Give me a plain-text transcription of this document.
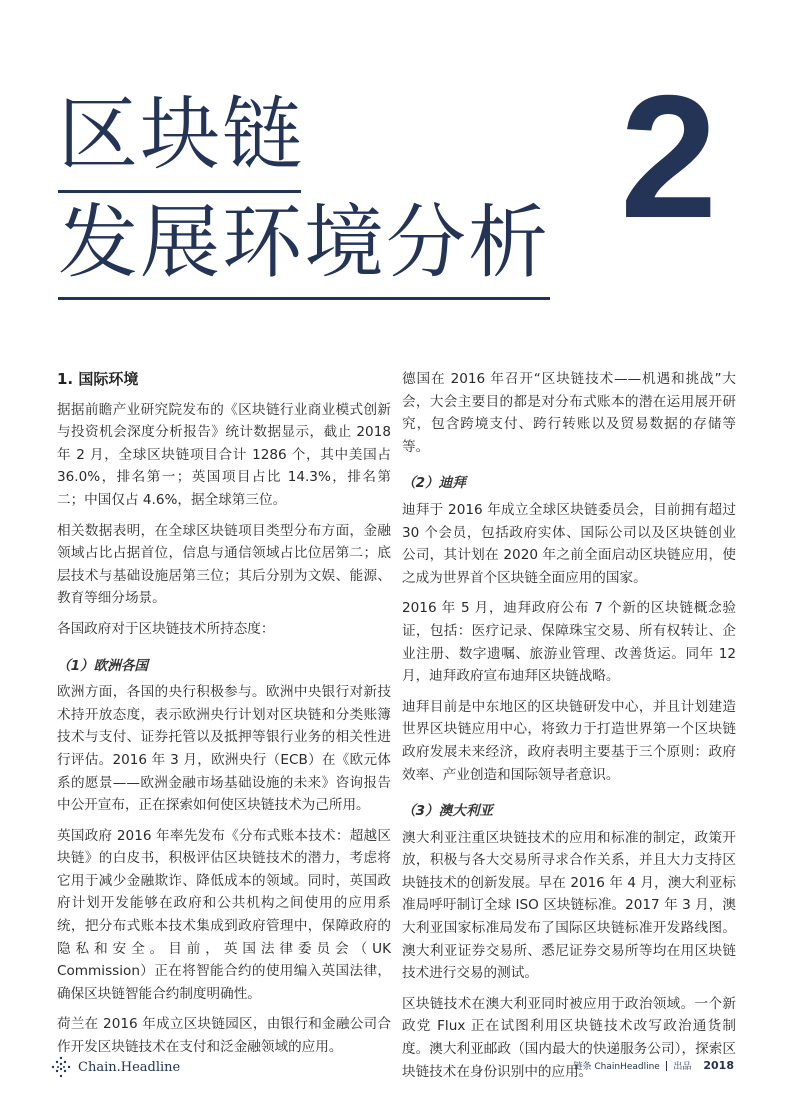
区块链
发展环境分析 2
1. 国际环境

据据前瞻产业研究院发布的《区块链行业商业模式创新与投资机会深度分析报告》统计数据显示，截止 2018 年 2 月，全球区块链项目合计 1286 个，其中美国占 36.0%，排名第一；英国项目占比 14.3%，排名第二；中国仅占 4.6%，据全球第三位。

相关数据表明，在全球区块链项目类型分布方面，金融领域占比占据首位，信息与通信领域占比位居第二；底层技术与基础设施居第三位；其后分别为文娱、能源、教育等细分场景。

各国政府对于区块链技术所持态度：

（1）欧洲各国

欧洲方面，各国的央行积极参与。欧洲中央银行对新技术持开放态度，表示欧洲央行计划对区块链和分类账簿技术与支付、证券托管以及抵押等银行业务的相关性进行评估。2016 年 3 月，欧洲央行（ECB）在《欧元体系的愿景——欧洲金融市场基础设施的未来》咨询报告中公开宣布，正在探索如何使区块链技术为己所用。

英国政府 2016 年率先发布《分布式账本技术：超越区块链》的白皮书，积极评估区块链技术的潜力，考虑将它用于减少金融欺诈、降低成本的领域。同时，英国政府计划开发能够在政府和公共机构之间使用的应用系统，把分布式账本技术集成到政府管理中，保障政府的隐私和安全。目前，英国法律委员会（UK Commission）正在将智能合约的使用编入英国法律，确保区块链智能合约制度明确性。

荷兰在 2016 年成立区块链园区，由银行和金融公司合作开发区块链技术在支付和泛金融领域的应用。

德国在 2016 年召开“区块链技术——机遇和挑战”大会，大会主要目的都是对分布式账本的潜在运用展开研究，包含跨境支付、跨行转账以及贸易数据的存储等等。

（2）迪拜

迪拜于 2016 年成立全球区块链委员会，目前拥有超过 30 个会员，包括政府实体、国际公司以及区块链创业公司，其计划在 2020 年之前全面启动区块链应用，使之成为世界首个区块链全面应用的国家。

2016 年 5 月，迪拜政府公布 7 个新的区块链概念验证，包括：医疗记录、保障珠宝交易、所有权转让、企业注册、数字遗嘱、旅游业管理、改善货运。同年 12 月，迪拜政府宣布迪拜区块链战略。

迪拜目前是中东地区的区块链研发中心，并且计划建造世界区块链应用中心，将致力于打造世界第一个区块链政府发展未来经济，政府表明主要基于三个原则：政府效率、产业创造和国际领导者意识。

（3）澳大利亚

澳大利亚注重区块链技术的应用和标准的制定，政策开放，积极与各大交易所寻求合作关系，并且大力支持区块链技术的创新发展。早在 2016 年 4 月，澳大利亚标准局呼吁制订全球 ISO 区块链标准。2017 年 3 月，澳大利亚国家标准局发布了国际区块链标准开发路线图。澳大利亚证券交易所、悉尼证券交易所等均在用区块链技术进行交易的测试。

区块链技术在澳大利亚同时被应用于政治领域。一个新政党 Flux 正在试图利用区块链技术改写政治通货制度。澳大利亚邮政（国内最大的快递服务公司），探索区块链技术在身份识别中的应用。

Chain.Headline	链条 ChainHeadline 出品 2018
